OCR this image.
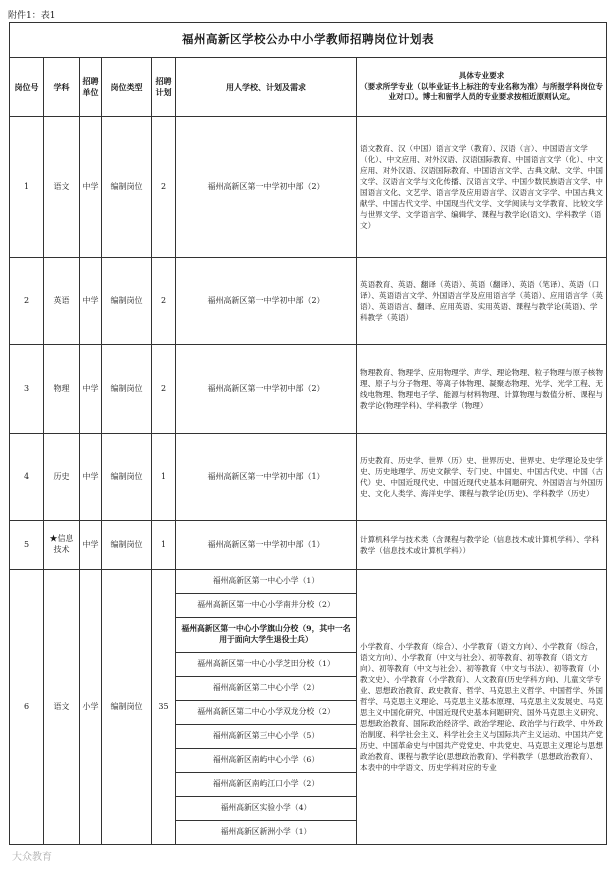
附件1：表1
福州高新区学校公办中小学教师招聘岗位计划表						
岗位号	学科	招聘单位	岗位类型	招聘计划	用人学校、计划及需求	具体专业要求
（要求所学专业（以毕业证书上标注的专业名称为准）与所报学科岗位专业对口）。博士和留学人员的专业要求按相近原则认定。

1	语文	中学	编制岗位	2	福州高新区第一中学初中部（2）	语文教育、汉（中国）语言文学（教育）、汉语（言）、中国语言文学（化）、中文应用、对外汉语、汉语国际教育、中国语言文学（化）、中文应用、对外汉语、汉语国际教育、中国语言文学、古典文献、文学、中国文学、汉语言文学与文化传播、汉语言文学、中国少数民族语言文学、中国语言文化、文艺学、语言学及应用语言学、汉语言文字学、中国古典文献学、中国古代文学、中国现当代文学、文学阅读与文学教育、比较文学与世界文学、文学语言学、编辑学、课程与教学论(语文)、学科教学（语文）
2	英语	中学	编制岗位	2	福州高新区第一中学初中部（2）	英语教育、英语、翻译（英语）、英语（翻译）、英语（笔译）、英语（口译）、英语语言文学、外国语言学及应用语言学（英语）、应用语言学（英语）、英语语言、翻译、应用英语、实用英语、课程与教学论(英语)、学科教学（英语）
3	物理	中学	编制岗位	2	福州高新区第一中学初中部（2）	物理教育、物理学、应用物理学、声学、理论物理、粒子物理与原子核物理、原子与分子物理、等离子体物理、凝聚态物理、光学、光学工程、无线电物理、物理电子学、能源与材料物理、计算物理与数值分析、课程与教学论(物理学科)、学科教学（物理）
4	历史	中学	编制岗位	1	福州高新区第一中学初中部（1）	历史教育、历史学、世界（历）史、世界历史、世界史、史学理论及史学史、历史地理学、历史文献学、专门史、中国史、中国古代史、中国（古代）史、中国近现代史、中国近现代史基本问题研究、外国语言与外国历史、文化人类学、海洋史学、课程与教学论(历史)、学科教学（历史）
5	★信息技术	中学	编制岗位	1	福州高新区第一中学初中部（1）	计算机科学与技术类（含课程与教学论（信息技术或计算机学科）、学科教学（信息技术或计算机学科））
6	语文	小学	编制岗位	35	福州高新区第一中心小学（1）	小学教育、小学教育（综合）、小学教育（语文方向）、小学教育（综合，语文方向）、小学教育（中文与社会）、初等教育、初等教育（语文方向）、初等教育（中文与社会）、初等教育（中文与书法）、初等教育（小教文史）、小学教育（小学教育）、人文教育(历史学科方向)、儿童文学专业、思想政治教育、政史教育、哲学、马克思主义哲学、中国哲学、外国哲学、马克思主义理论、马克思主义基本原理、马克思主义发展史、马克思主义中国化研究、中国近现代史基本问题研究、国外马克思主义研究、思想政治教育、国际政治经济学、政治学理论、政治学与行政学、中外政治制度、科学社会主义、科学社会主义与国际共产主义运动、中国共产党历史、中国革命史与中国共产党党史、中共党史、马克思主义理论与思想政治教育、课程与教学论(思想政治教育)、学科教学（思想政治教育）、本表中的中学语文、历史学科对应的专业
					福州高新区第一中心小学南井分校（2）	
					福州高新区第一中心小学旗山分校（9，其中一名用于面向大学生退役士兵）	
					福州高新区第一中心小学芝田分校（1）	
					福州高新区第二中心小学（2）	
					福州高新区第二中心小学双龙分校（2）	
					福州高新区第三中心小学（5）	
					福州高新区南屿中心小学（6）	
					福州高新区南屿江口小学（2）	
					福州高新区实验小学（4）	
					福州高新区新洲小学（1）	
大众教育
